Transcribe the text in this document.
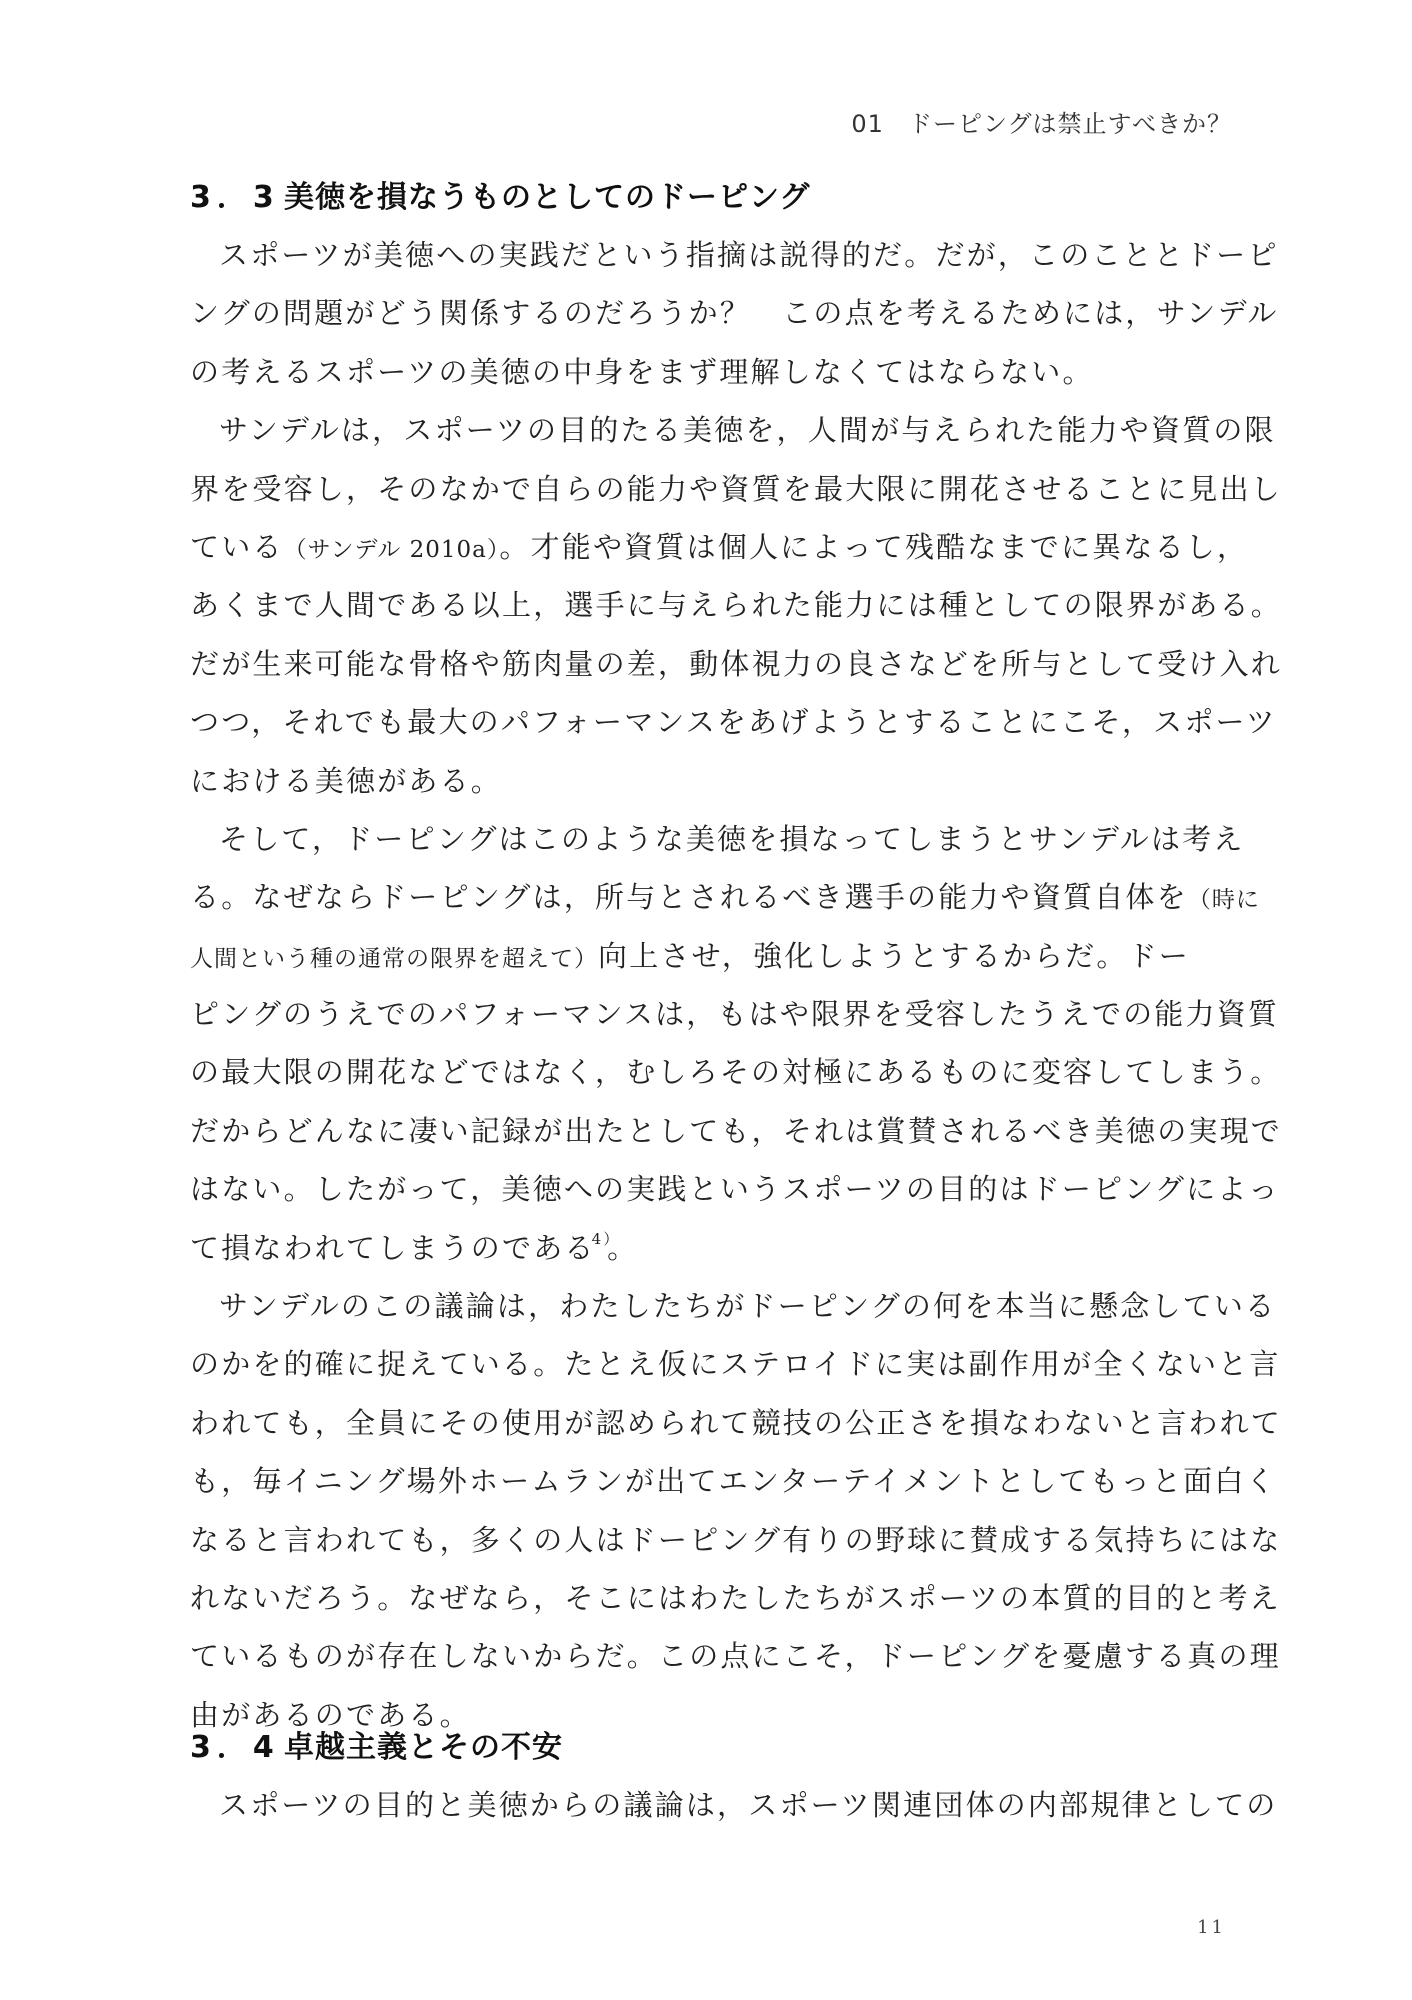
01 ドーピングは禁止すべきか？
3．3 美徳を損なうものとしてのドーピング
スポーツが美徳への実践だという指摘は説得的だ。だが，このこととドーピ
ングの問題がどう関係するのだろうか？　この点を考えるためには，サンデル
の考えるスポーツの美徳の中身をまず理解しなくてはならない。
サンデルは，スポーツの目的たる美徳を，人間が与えられた能力や資質の限
界を受容し，そのなかで自らの能力や資質を最大限に開花させることに見出し
ている（サンデル 2010a）。才能や資質は個人によって残酷なまでに異なるし，
あくまで人間である以上，選手に与えられた能力には種としての限界がある。
だが生来可能な骨格や筋肉量の差，動体視力の良さなどを所与として受け入れ
つつ，それでも最大のパフォーマンスをあげようとすることにこそ，スポーツ
における美徳がある。
そして，ドーピングはこのような美徳を損なってしまうとサンデルは考え
る。なぜならドーピングは，所与とされるべき選手の能力や資質自体を（時に
人間という種の通常の限界を超えて）向上させ，強化しようとするからだ。ドー
ピングのうえでのパフォーマンスは，もはや限界を受容したうえでの能力資質
の最大限の開花などではなく，むしろその対極にあるものに変容してしまう。
だからどんなに凄い記録が出たとしても，それは賞賛されるべき美徳の実現で
はない。したがって，美徳への実践というスポーツの目的はドーピングによっ
て損なわれてしまうのである$^{4)}$。
サンデルのこの議論は，わたしたちがドーピングの何を本当に懸念している
のかを的確に捉えている。たとえ仮にステロイドに実は副作用が全くないと言
われても，全員にその使用が認められて競技の公正さを損なわないと言われて
も，毎イニング場外ホームランが出てエンターテイメントとしてもっと面白く
なると言われても，多くの人はドーピング有りの野球に賛成する気持ちにはな
れないだろう。なぜなら，そこにはわたしたちがスポーツの本質的目的と考え
ているものが存在しないからだ。この点にこそ，ドーピングを憂慮する真の理
由があるのである。
3．4 卓越主義とその不安
スポーツの目的と美徳からの議論は，スポーツ関連団体の内部規律としての
11
